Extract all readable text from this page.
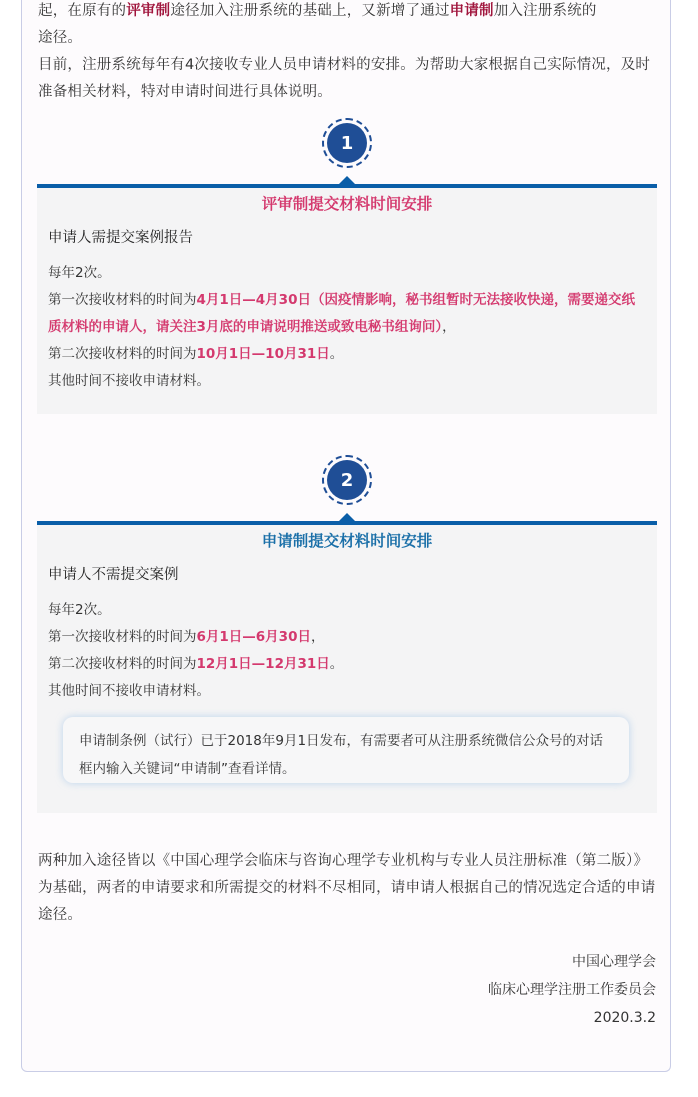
起，在原有的评审制途径加入注册系统的基础上，又新增了通过申请制加入注册系统的
途径。
目前，注册系统每年有4次接收专业人员申请材料的安排。为帮助大家根据自己实际情况，及时准备相关材料，特对申请时间进行具体说明。

1
评审制提交材料时间安排
申请人需提交案例报告
每年2次。
第一次接收材料的时间为4月1日—4月30日（因疫情影响，秘书组暂时无法接收快递，需要递交纸质材料的申请人，请关注3月底的申请说明推送或致电秘书组询问），
第二次接收材料的时间为10月1日—10月31日。
其他时间不接收申请材料。
2
申请制提交材料时间安排
申请人不需提交案例
每年2次。
第一次接收材料的时间为6月1日—6月30日，
第二次接收材料的时间为12月1日—12月31日。
其他时间不接收申请材料。
申请制条例（试行）已于2018年9月1日发布，有需要者可从注册系统微信公众号的对话框内输入关键词“申请制”查看详情。

两种加入途径皆以《中国心理学会临床与咨询心理学专业机构与专业人员注册标准（第二版）》为基础，两者的申请要求和所需提交的材料不尽相同，请申请人根据自己的情况选定合适的申请途径。

中国心理学会
临床心理学注册工作委员会
2020.3.2
